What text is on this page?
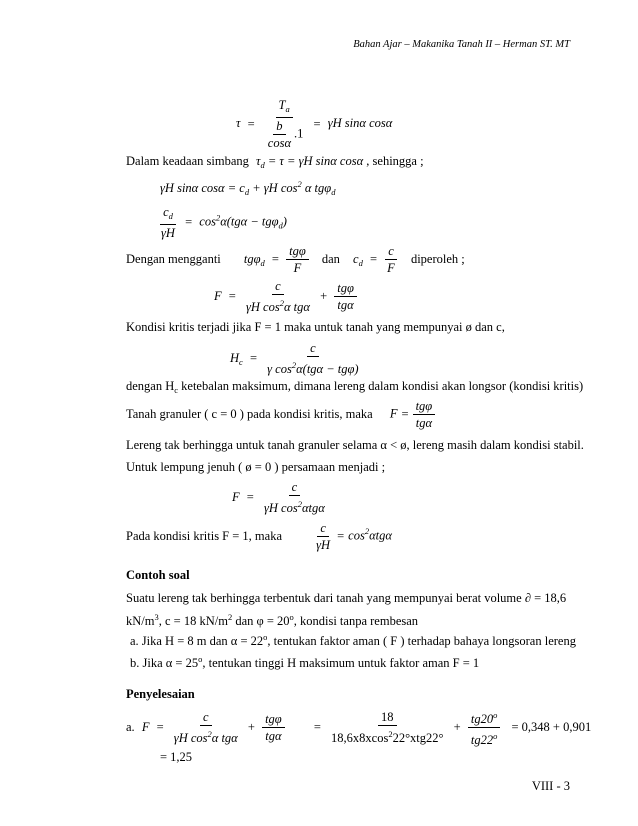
Bahan Ajar – Makanika Tanah II – Herman ST. MT
$\tau = \frac{T_a}{\frac{b}{\cos\alpha} .1} = \gamma H$ sinα cosα
Dalam keadaan simbang $\tau_d = \tau = \gamma H$ sinα cosα , sehingga ;
γH sinα $\cos\alpha = c_d + \gamma H$ $\cos^2 \alpha$ tgφ$_d$
$\frac{c_d}{\gamma H} = \cos^2\alpha(tg\alpha - tg\varphi_d)$
Dengan mengganti $tg\varphi_d = \frac{\text{tgφ}}{F}$ dan $c_d = \frac{c}{F}$ diperoleh ;
$F = \frac{c}{\gamma H \cos^2\alpha tg\alpha} + \frac{\text{tgφ}}{\text{tgα}}$
Kondisi kritis terjadi jika F = 1 maka untuk tanah yang mempunyai ø dan c,
$H_c = \frac{c}{\gamma \cos^2\alpha(tg\alpha - tg\varphi)}$
dengan $H_c$ ketebalan maksimum, dimana lereng dalam kondisi akan longsor (kondisi kritis)
Tanah granuler ( c = 0 ) pada kondisi kritis, maka $F = \frac{\text{tgφ}}{\text{tgα}}$
Lereng tak berhingga untuk tanah granuler selama α < ø, lereng masih dalam kondisi stabil.
Untuk lempung jenuh ( ø = 0 ) persamaan menjadi ;
$F = \frac{c}{\gamma H \cos^2\alpha tg\alpha}$
Pada kondisi kritis F = 1, maka $\frac{c}{\gamma H} = \cos^2\alpha tg\alpha$
Contoh soal
Suatu lereng tak berhingga terbentuk dari tanah yang mempunyai berat volume ∂ = 18,6
$kN/m^3$, c = 18 $kN/m^2$ dan $\varphi = 20^o$, kondisi tanpa rembesan
a. Jika H = 8 m dan $\alpha = 22^o$, tentukan faktor aman ( F ) terhadap bahaya longsoran lereng
b. Jika $\alpha = 25^o$, tentukan tinggi H maksimum untuk faktor aman F = 1
Penyelesaian
a. $F = \frac{c}{\gamma H \cos^2\alpha tg\alpha} + \frac{\text{tgφ}}{\text{tgα}} = \frac{18}{18,6x8xcos^222^\circ xtg22^\circ} + \frac{tg20^o}{tg22^o} = 0,348 + 0,901$
= 1,25
VIII - 3
